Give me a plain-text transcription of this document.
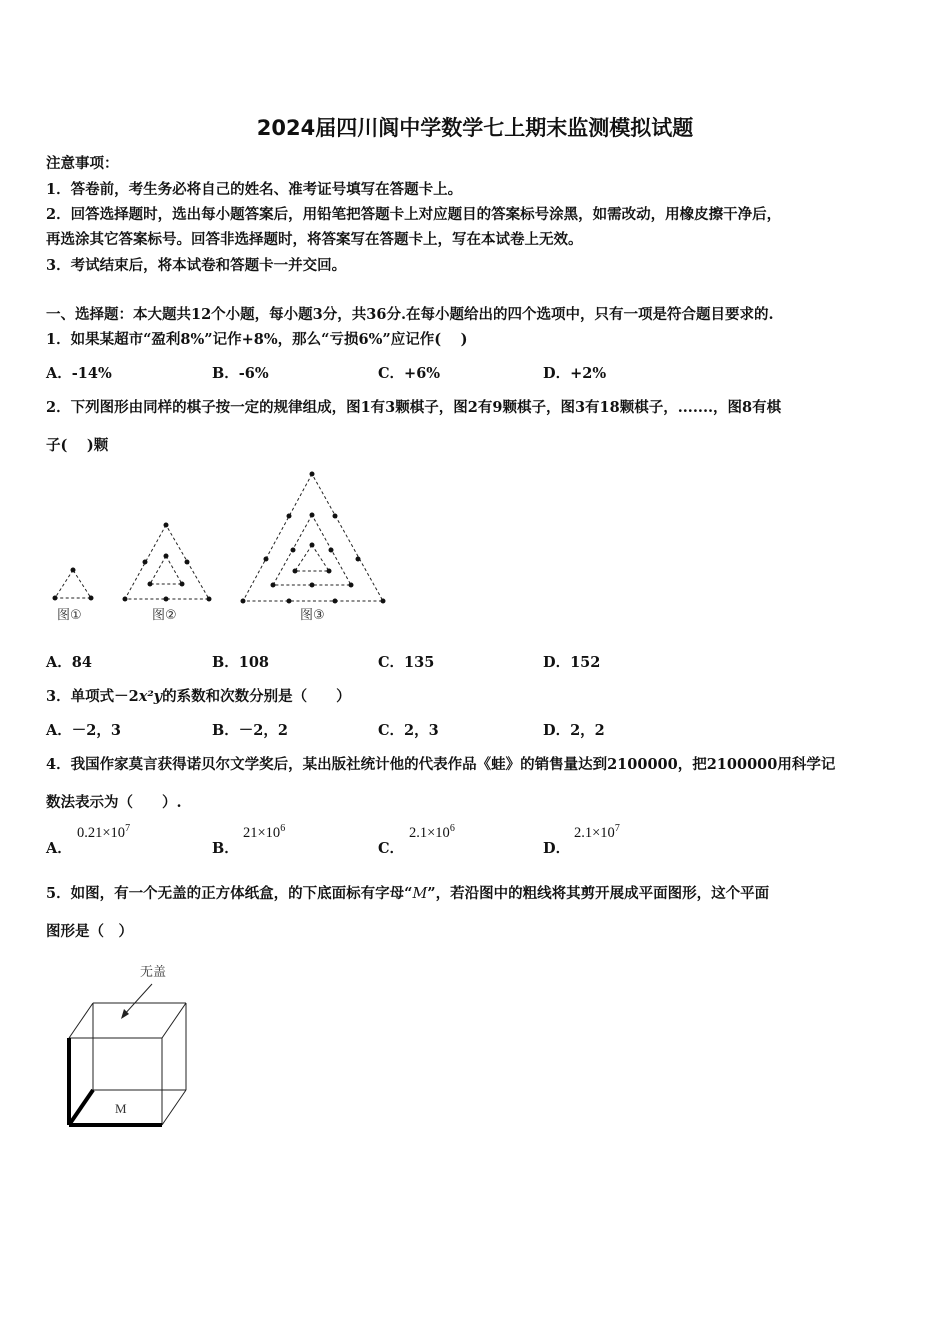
2024届四川阆中学数学七上期末监测模拟试题
注意事项：
1．答卷前，考生务必将自己的姓名、准考证号填写在答题卡上。
2．回答选择题时，选出每小题答案后，用铅笔把答题卡上对应题目的答案标号涂黑，如需改动，用橡皮擦干净后，
再选涂其它答案标号。回答非选择题时，将答案写在答题卡上，写在本试卷上无效。
3．考试结束后，将本试卷和答题卡一并交回。
一、选择题：本大题共12个小题，每小题3分，共36分.在每小题给出的四个选项中，只有一项是符合题目要求的.
1．如果某超市“盈利8%”记作+8%，那么“亏损6%”应记作(　 )
A．-14%	B．-6%	C．+6%	D．+2%
2．下列图形由同样的棋子按一定的规律组成，图1有3颗棋子，图2有9颗棋子，图3有18颗棋子，.......，图8有棋
子(　 )颗
图①	图②	图③
A．84	B．108	C．135	D．152
3．单项式－2x²y的系数和次数分别是（　　）
A．－2，3	B．－2，2	C．2，3	D．2，2
4．我国作家莫言获得诺贝尔文学奖后，某出版社统计他的代表作品《蛙》的销售量达到2100000，把2100000用科学记
数法表示为（　　）.
A．
$0.21\times 10^7$
B．
$21\times 10^6$
C．
$2.1\times 10^6$
D．
$2.1\times 10^7$
5．如图，有一个无盖的正方体纸盒，的下底面标有字母“M”，若沿图中的粗线将其剪开展成平面图形，这个平面
图形是（　）
无盖
M
